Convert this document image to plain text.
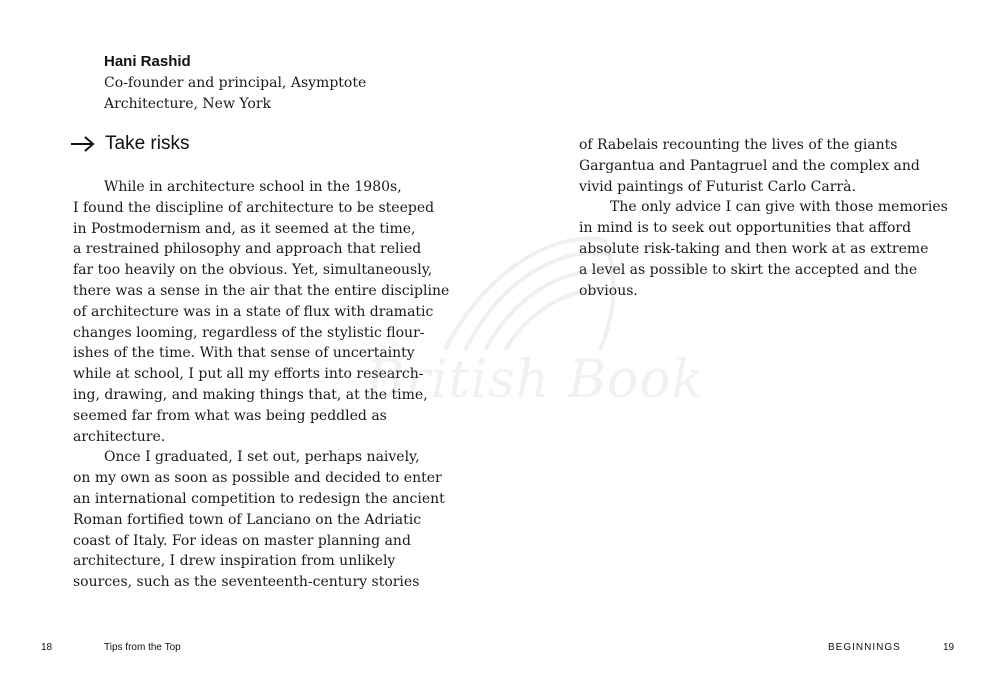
Hani Rashid
Co-founder and principal, Asymptote
Architecture, New York
Take risks
While in architecture school in the 1980s,
I found the discipline of architecture to be steeped
in Postmodernism and, as it seemed at the time,
a restrained philosophy and approach that relied
far too heavily on the obvious. Yet, simultaneously,
there was a sense in the air that the entire discipline
of architecture was in a state of flux with dramatic
changes looming, regardless of the stylistic flour-
ishes of the time. With that sense of uncertainty
while at school, I put all my efforts into research-
ing, drawing, and making things that, at the time,
seemed far from what was being peddled as
architecture.
Once I graduated, I set out, perhaps naively,
on my own as soon as possible and decided to enter
an international competition to redesign the ancient
Roman fortified town of Lanciano on the Adriatic
coast of Italy. For ideas on master planning and
architecture, I drew inspiration from unlikely
sources, such as the seventeenth-century stories
of Rabelais recounting the lives of the giants
Gargantua and Pantagruel and the complex and
vivid paintings of Futurist Carlo Carrà.
The only advice I can give with those memories
in mind is to seek out opportunities that afford
absolute risk-taking and then work at as extreme
a level as possible to skirt the accepted and the
obvious.
British Book
18	Tips from the Top	BEGINNINGS	19
